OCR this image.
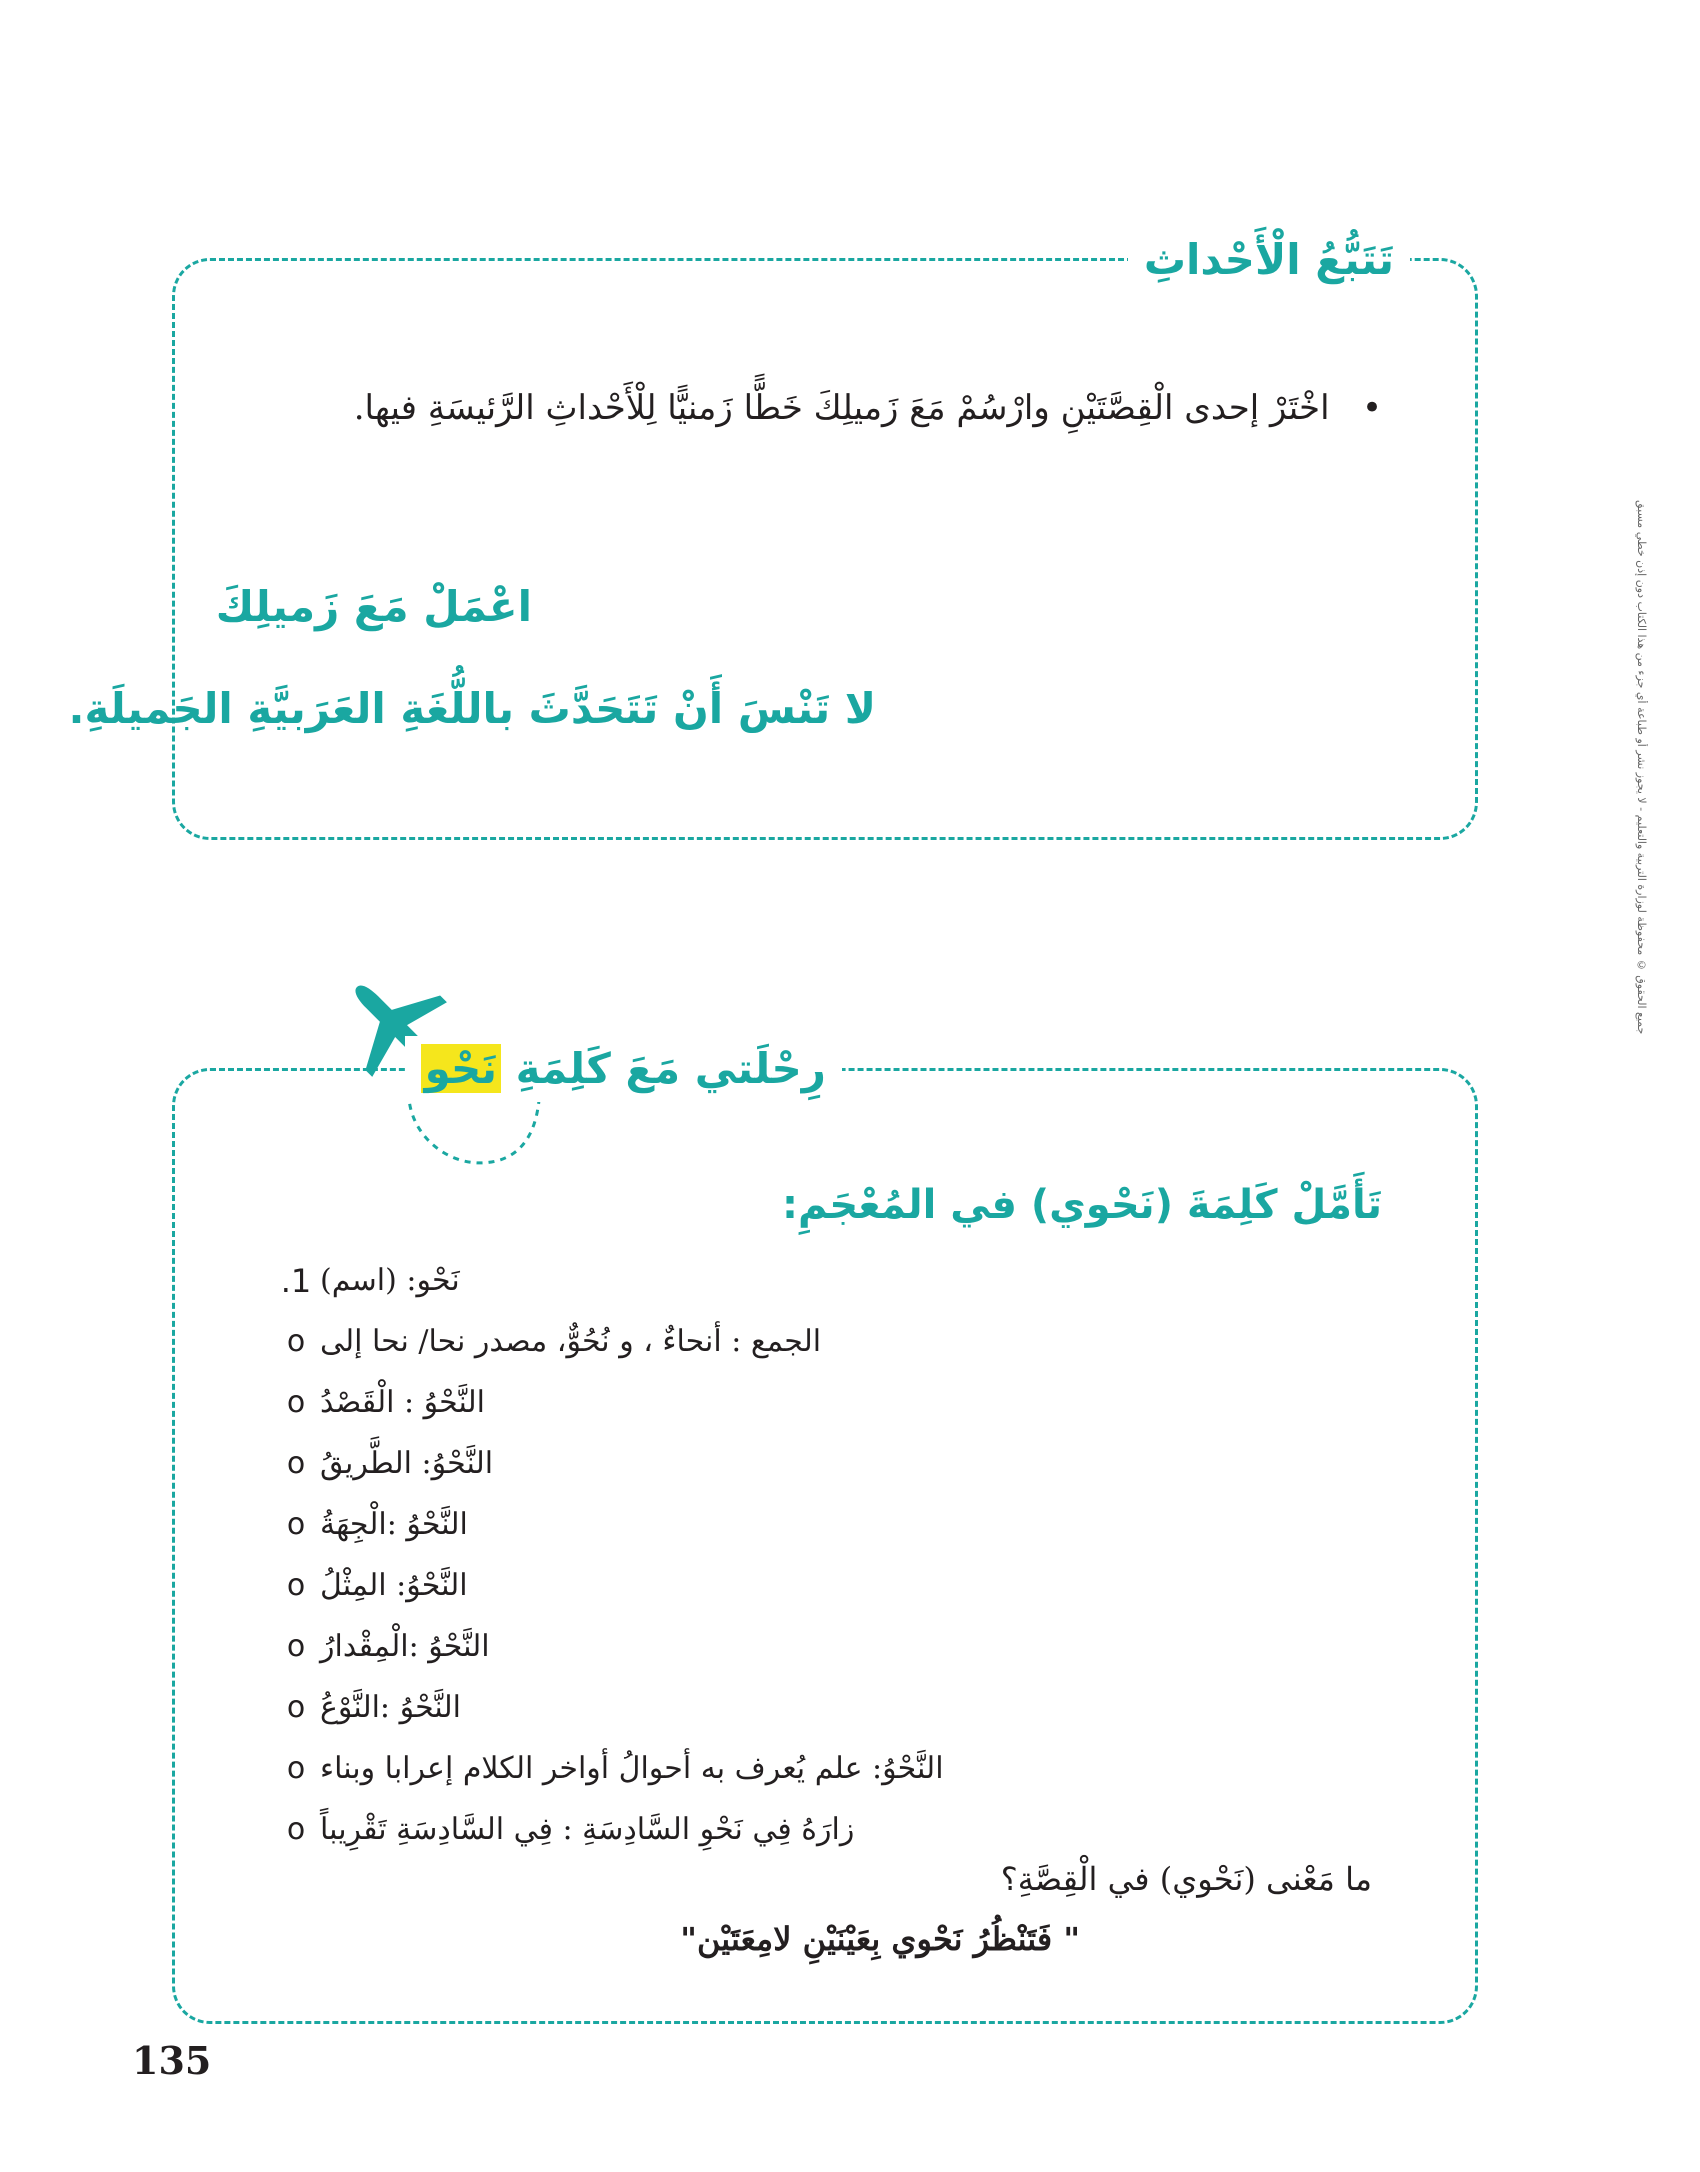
تَتَبُّعُ الْأَحْداثِ
•   اخْتَرْ إحدى الْقِصَّتَيْنِ وارْسُمْ مَعَ زَميلِكَ خَطًّا زَمنيًّا لِلْأَحْداثِ الرَّئيسَةِ فيها.
اعْمَلْ مَعَ زَميلِكَ
لا تَنْسَ أَنْ تَتَحَدَّثَ باللُّغَةِ العَرَبيَّةِ الجَميلَةِ.
رِحْلَتي مَعَ كَلِمَةِ نَحْو
تَأَمَّلْ كَلِمَةَ (نَحْوي) في المُعْجَمِ:
1. نَحْو: (اسم)
o الجمع : أنحاءٌ ، و نُحُوٌّ، مصدر نحا/ نحا إلى
o النَّحْوُ : الْقَصْدُ
o النَّحْوُ: الطَّريقُ
o النَّحْوُ :الْجِهَةُ
o النَّحْوُ: المِثْلُ
o النَّحْوُ :الْمِقْدارُ
o النَّحْوُ :النَّوْعُ
o النَّحْوُ: علم يُعرف به أحوالُ أواخر الكلام إعرابا وبناء
o زارَهُ فِي نَحْوِ السَّادِسَةِ : فِي السَّادِسَةِ تَقْرِيباً
ما مَعْنى (نَحْوي) في الْقِصَّةِ؟
" فَتَنْظُرُ نَحْوي بِعَيْنَيْنِ لامِعَتَيْن"
جميع الحقوق © محفوظة لوزارة التربية والتعليم - لا يجوز نشر أو طباعة أي جزء من هذا الكتاب دون إذن خطي مسبق
135
